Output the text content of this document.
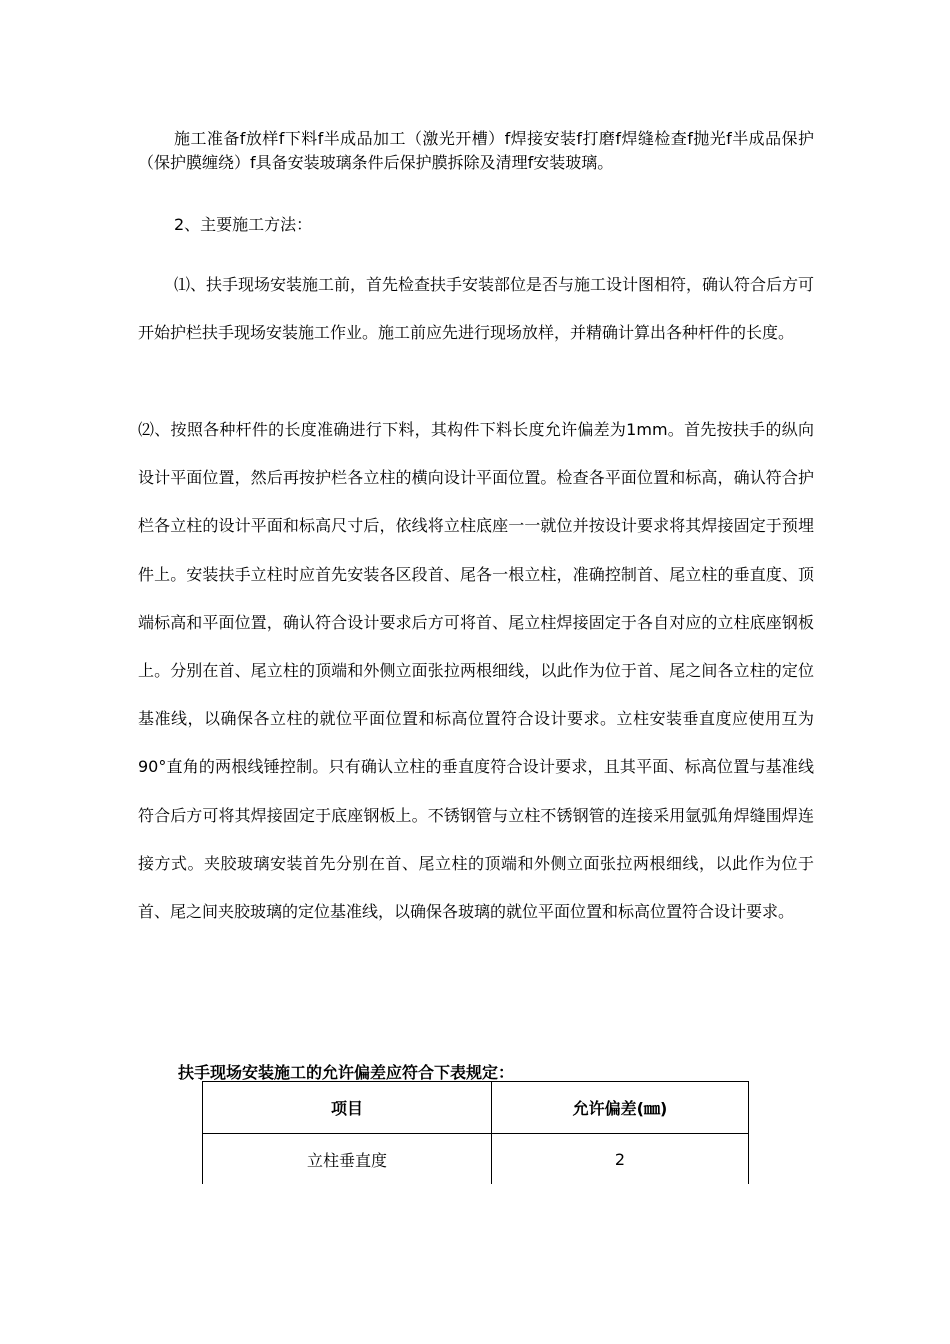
施工准备f放样f下料f半成品加工（激光开槽）f焊接安装f打磨f焊缝检查f抛光f半成品保护（保护膜缠绕）f具备安装玻璃条件后保护膜拆除及清理f安装玻璃。

2、主要施工方法：

⑴、扶手现场安装施工前，首先检查扶手安装部位是否与施工设计图相符，确认符合后方可开始护栏扶手现场安装施工作业。施工前应先进行现场放样，并精确计算出各种杆件的长度。

⑵、按照各种杆件的长度准确进行下料，其构件下料长度允许偏差为1mm。首先按扶手的纵向设计平面位置，然后再按护栏各立柱的横向设计平面位置。检查各平面位置和标高，确认符合护栏各立柱的设计平面和标高尺寸后，依线将立柱底座一一就位并按设计要求将其焊接固定于预埋件上。安装扶手立柱时应首先安装各区段首、尾各一根立柱，准确控制首、尾立柱的垂直度、顶端标高和平面位置，确认符合设计要求后方可将首、尾立柱焊接固定于各自对应的立柱底座钢板上。分别在首、尾立柱的顶端和外侧立面张拉两根细线，以此作为位于首、尾之间各立柱的定位基准线，以确保各立柱的就位平面位置和标高位置符合设计要求。立柱安装垂直度应使用互为90°直角的两根线锤控制。只有确认立柱的垂直度符合设计要求，且其平面、标高位置与基准线符合后方可将其焊接固定于底座钢板上。不锈钢管与立柱不锈钢管的连接采用氩弧角焊缝围焊连接方式。夹胶玻璃安装首先分别在首、尾立柱的顶端和外侧立面张拉两根细线，以此作为位于首、尾之间夹胶玻璃的定位基准线，以确保各玻璃的就位平面位置和标高位置符合设计要求。

扶手现场安装施工的允许偏差应符合下表规定：

项目	允许偏差(㎜)
立柱垂直度	2
